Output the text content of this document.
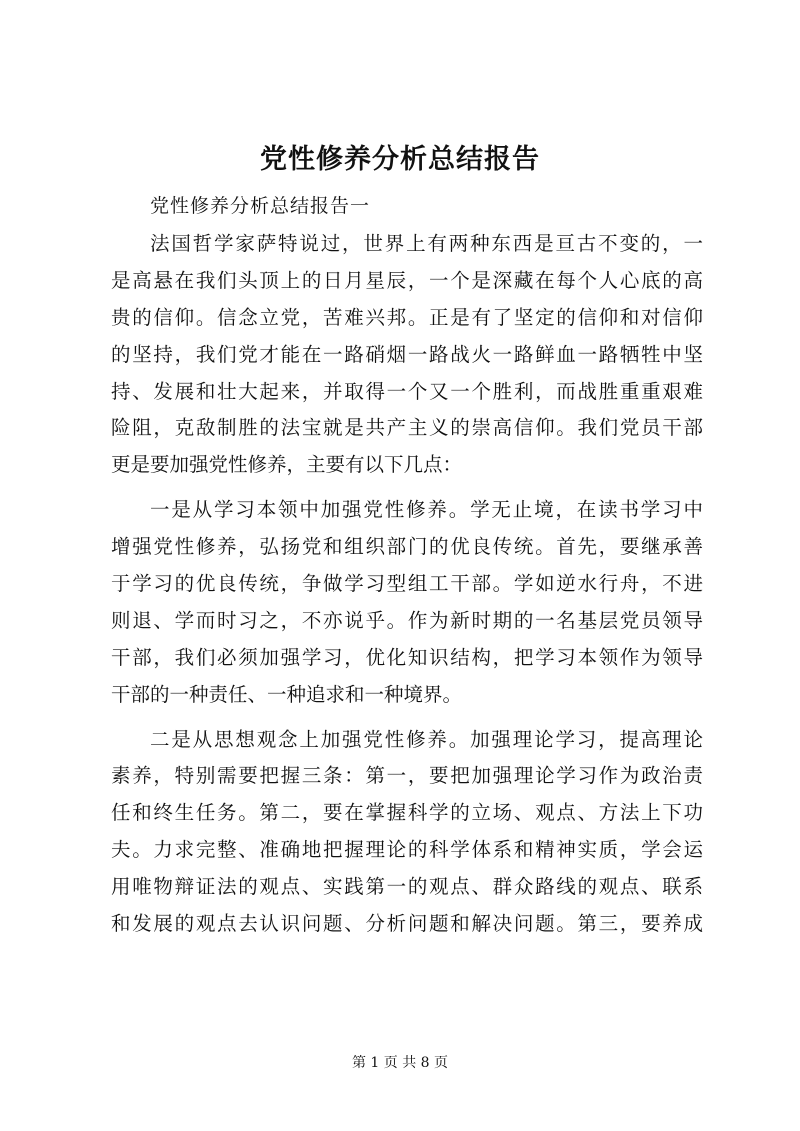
党性修养分析总结报告
党性修养分析总结报告一
法国哲学家萨特说过，世界上有两种东西是亘古不变的，一
是高悬在我们头顶上的日月星辰，一个是深藏在每个人心底的高
贵的信仰。信念立党，苦难兴邦。正是有了坚定的信仰和对信仰
的坚持，我们党才能在一路硝烟一路战火一路鲜血一路牺牲中坚
持、发展和壮大起来，并取得一个又一个胜利，而战胜重重艰难
险阻，克敌制胜的法宝就是共产主义的崇高信仰。我们党员干部
更是要加强党性修养，主要有以下几点：
一是从学习本领中加强党性修养。学无止境，在读书学习中
增强党性修养，弘扬党和组织部门的优良传统。首先，要继承善
于学习的优良传统，争做学习型组工干部。学如逆水行舟，不进
则退、学而时习之，不亦说乎。作为新时期的一名基层党员领导
干部，我们必须加强学习，优化知识结构，把学习本领作为领导
干部的一种责任、一种追求和一种境界。
二是从思想观念上加强党性修养。加强理论学习，提高理论
素养，特别需要把握三条：第一，要把加强理论学习作为政治责
任和终生任务。第二，要在掌握科学的立场、观点、方法上下功
夫。力求完整、准确地把握理论的科学体系和精神实质，学会运
用唯物辩证法的观点、实践第一的观点、群众路线的观点、联系
和发展的观点去认识问题、分析问题和解决问题。第三，要养成
第 1 页 共 8 页
